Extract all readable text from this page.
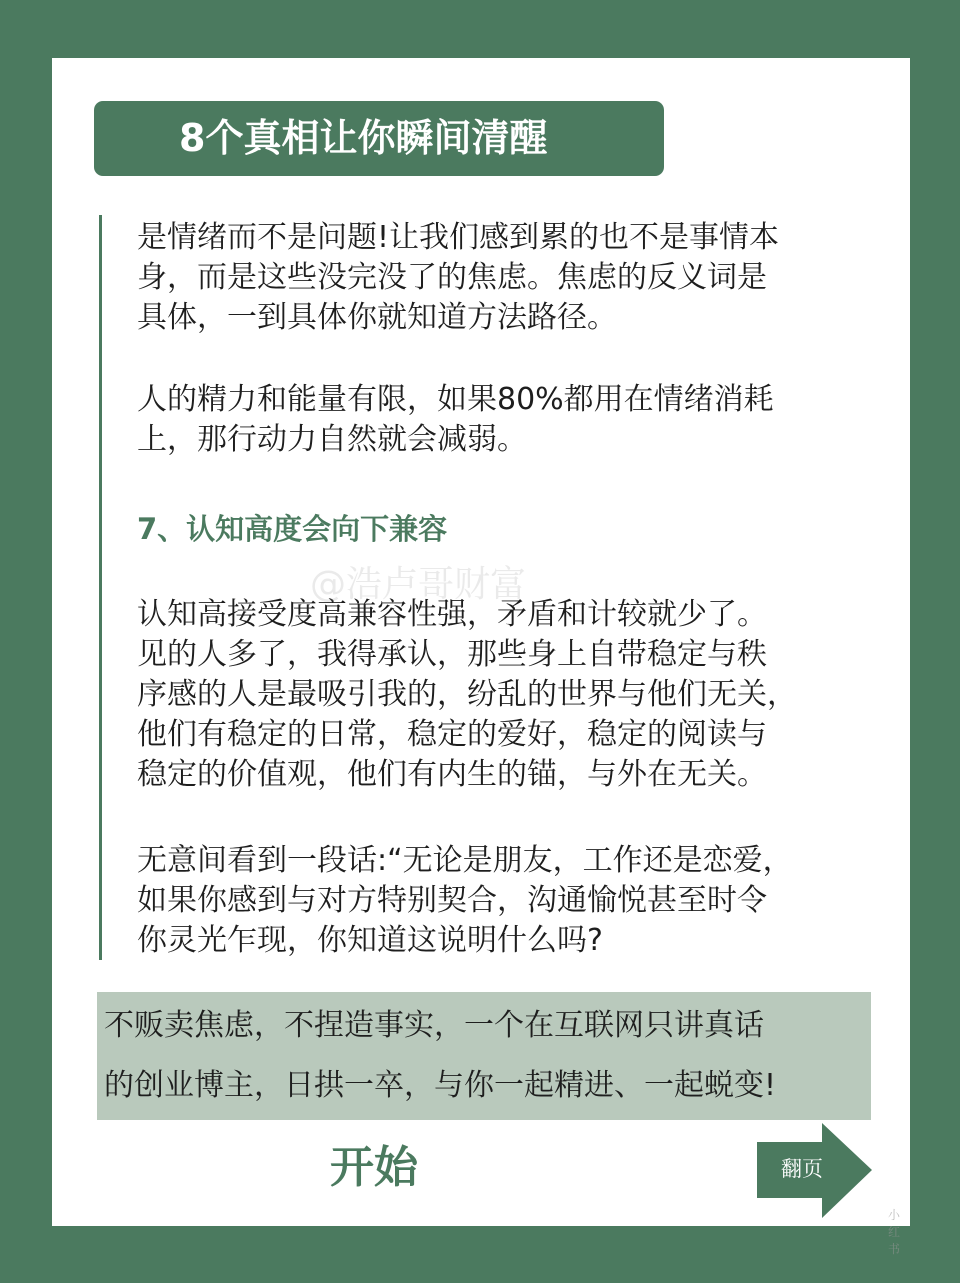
8个真相让你瞬间清醒
是情绪而不是问题!让我们感到累的也不是事情本
身，而是这些没完没了的焦虑。焦虑的反义词是
具体，一到具体你就知道方法路径。
人的精力和能量有限，如果80%都用在情绪消耗
上，那行动力自然就会减弱。
7、认知高度会向下兼容
认知高接受度高兼容性强，矛盾和计较就少了。
见的人多了，我得承认，那些身上自带稳定与秩
序感的人是最吸引我的，纷乱的世界与他们无关，
他们有稳定的日常，稳定的爱好，稳定的阅读与
稳定的价值观，他们有内生的锚，与外在无关。
无意间看到一段话:“无论是朋友，工作还是恋爱，
如果你感到与对方特别契合，沟通愉悦甚至时令
你灵光乍现，你知道这说明什么吗?
@浩卢哥财富
不贩卖焦虑，不捏造事实，一个在互联网只讲真话
的创业博主，日拱一卒，与你一起精进、一起蜕变!
开始	翻页
小红书
